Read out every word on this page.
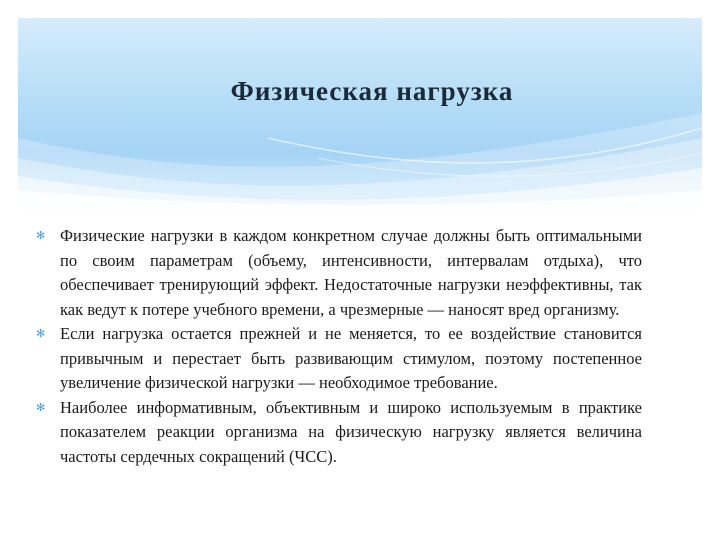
Физическая нагрузка
✻ Физические нагрузки в каждом конкретном случае должны быть оптимальными по своим параметрам (объему, интенсивности, интервалам отдыха), что обеспечивает тренирующий эффект. Недостаточные нагрузки неэффективны, так как ведут к потере учебного времени, а чрезмерные — наносят вред организму.
✻ Если нагрузка остается прежней и не меняется, то ее воздействие становится привычным и перестает быть развивающим стимулом, поэтому постепенное увеличение физической нагрузки — необходимое требование.
✻ Наиболее информативным, объективным и широко используемым в практике показателем реакции организма на физическую нагрузку является величина частоты сердечных сокращений (ЧСС).
